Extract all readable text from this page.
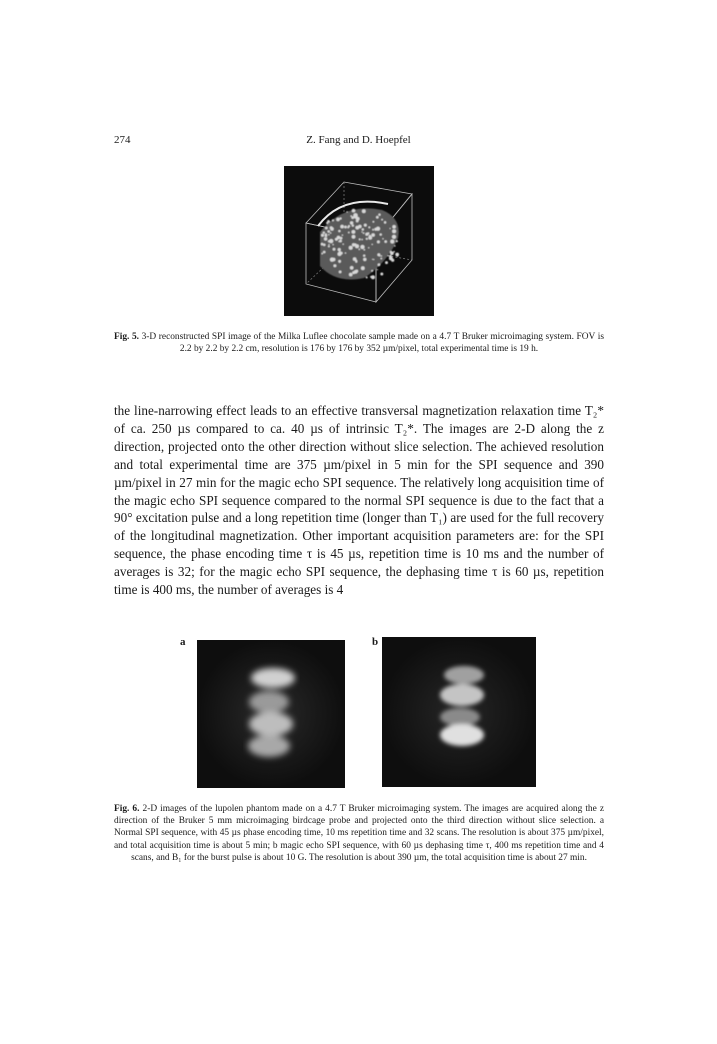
274	Z. Fang and D. Hoepfel
Fig. 5. 3-D reconstructed SPI image of the Milka Luflee chocolate sample made on a 4.7 T Bruker microimaging system. FOV is 2.2 by 2.2 by 2.2 cm, resolution is 176 by 176 by 352 µm/pixel, total experimental time is 19 h.

the line-narrowing effect leads to an effective transversal magnetization relaxation time T₂* of ca. 250 µs compared to ca. 40 µs of intrinsic T₂*. The images are 2-D along the z direction, projected onto the other direction without slice selection. The achieved resolution and total experimental time are 375 µm/pixel in 5 min for the SPI sequence and 390 µm/pixel in 27 min for the magic echo SPI sequence. The relatively long acquisition time of the magic echo SPI sequence compared to the normal SPI sequence is due to the fact that a 90° excitation pulse and a long repetition time (longer than T₁) are used for the full recovery of the longitudinal magnetization. Other important acquisition parameters are: for the SPI sequence, the phase encoding time τ is 45 µs, repetition time is 10 ms and the number of averages is 32; for the magic echo SPI sequence, the dephasing time τ is 60 µs, repetition time is 400 ms, the number of averages is 4

a	b
Fig. 6. 2-D images of the lupolen phantom made on a 4.7 T Bruker microimaging system. The images are acquired along the z direction of the Bruker 5 mm microimaging birdcage probe and projected onto the third direction without slice selection. a Normal SPI sequence, with 45 µs phase encoding time, 10 ms repetition time and 32 scans. The resolution is about 375 µm/pixel, and total acquisition time is about 5 min; b magic echo SPI sequence, with 60 µs dephasing time τ, 400 ms repetition time and 4 scans, and B₁ for the burst pulse is about 10 G. The resolution is about 390 µm, the total acquisition time is about 27 min.
